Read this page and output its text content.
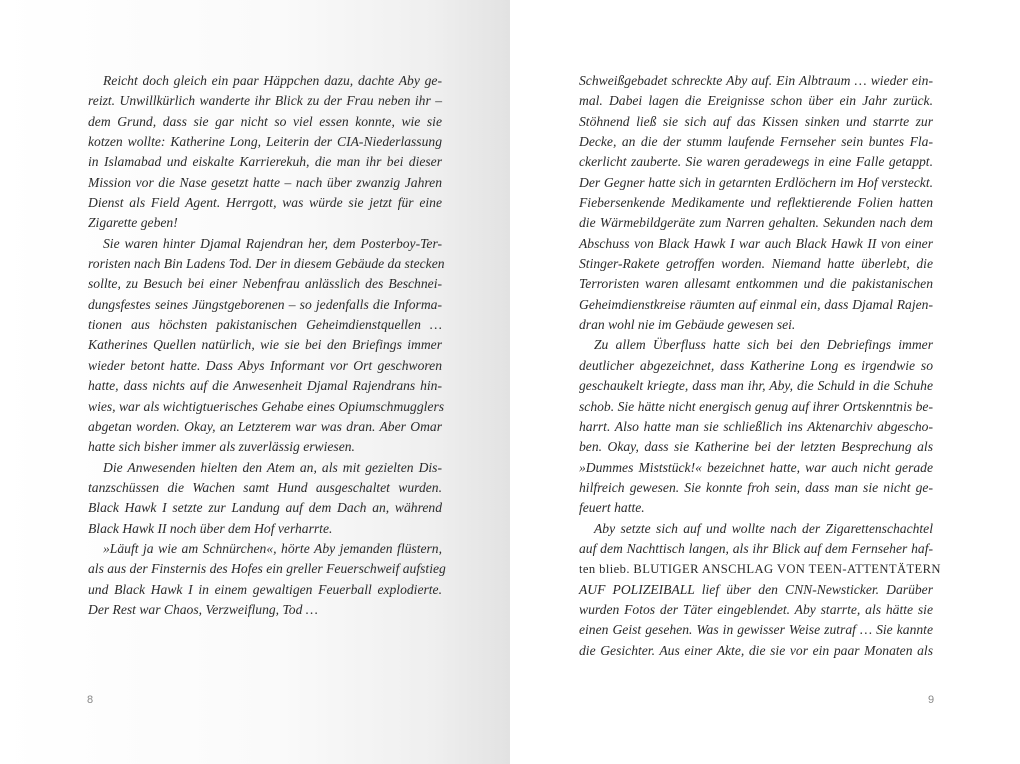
Reicht doch gleich ein paar Häppchen dazu, dachte Aby ge-
reizt. Unwillkürlich wanderte ihr Blick zu der Frau neben ihr –
dem Grund, dass sie gar nicht so viel essen konnte, wie sie
kotzen wollte: Katherine Long, Leiterin der CIA-Niederlassung
in Islamabad und eiskalte Karrierekuh, die man ihr bei dieser
Mission vor die Nase gesetzt hatte – nach über zwanzig Jahren
Dienst als Field Agent. Herrgott, was würde sie jetzt für eine
Zigarette geben!
Sie waren hinter Djamal Rajendran her, dem Posterboy-Ter-
roristen nach Bin Ladens Tod. Der in diesem Gebäude da stecken
sollte, zu Besuch bei einer Nebenfrau anlässlich des Beschnei-
dungsfestes seines Jüngstgeborenen – so jedenfalls die Informa-
tionen aus höchsten pakistanischen Geheimdienstquellen …
Katherines Quellen natürlich, wie sie bei den Briefings immer
wieder betont hatte. Dass Abys Informant vor Ort geschworen
hatte, dass nichts auf die Anwesenheit Djamal Rajendrans hin-
wies, war als wichtigtuerisches Gehabe eines Opiumschmugglers
abgetan worden. Okay, an Letzterem war was dran. Aber Omar
hatte sich bisher immer als zuverlässig erwiesen.
Die Anwesenden hielten den Atem an, als mit gezielten Dis-
tanzschüssen die Wachen samt Hund ausgeschaltet wurden.
Black Hawk I setzte zur Landung auf dem Dach an, während
Black Hawk II noch über dem Hof verharrte.
»Läuft ja wie am Schnürchen«, hörte Aby jemanden flüstern,
als aus der Finsternis des Hofes ein greller Feuerschweif aufstieg
und Black Hawk I in einem gewaltigen Feuerball explodierte.
Der Rest war Chaos, Verzweiflung, Tod …
8
Schweißgebadet schreckte Aby auf. Ein Albtraum … wieder ein-
mal. Dabei lagen die Ereignisse schon über ein Jahr zurück.
Stöhnend ließ sie sich auf das Kissen sinken und starrte zur
Decke, an die der stumm laufende Fernseher sein buntes Fla-
ckerlicht zauberte. Sie waren geradewegs in eine Falle getappt.
Der Gegner hatte sich in getarnten Erdlöchern im Hof versteckt.
Fiebersenkende Medikamente und reflektierende Folien hatten
die Wärmebildgeräte zum Narren gehalten. Sekunden nach dem
Abschuss von Black Hawk I war auch Black Hawk II von einer
Stinger-Rakete getroffen worden. Niemand hatte überlebt, die
Terroristen waren allesamt entkommen und die pakistanischen
Geheimdienstkreise räumten auf einmal ein, dass Djamal Rajen-
dran wohl nie im Gebäude gewesen sei.
Zu allem Überfluss hatte sich bei den Debriefings immer
deutlicher abgezeichnet, dass Katherine Long es irgendwie so
geschaukelt kriegte, dass man ihr, Aby, die Schuld in die Schuhe
schob. Sie hätte nicht energisch genug auf ihrer Ortskenntnis be-
harrt. Also hatte man sie schließlich ins Aktenarchiv abgescho-
ben. Okay, dass sie Katherine bei der letzten Besprechung als
»Dummes Miststück!« bezeichnet hatte, war auch nicht gerade
hilfreich gewesen. Sie konnte froh sein, dass man sie nicht ge-
feuert hatte.
Aby setzte sich auf und wollte nach der Zigarettenschachtel
auf dem Nachttisch langen, als ihr Blick auf dem Fernseher haf-
ten blieb. BLUTIGER ANSCHLAG VON TEEN-ATTENTÄTERN
AUF POLIZEIBALL lief über den CNN-Newsticker. Darüber
wurden Fotos der Täter eingeblendet. Aby starrte, als hätte sie
einen Geist gesehen. Was in gewisser Weise zutraf … Sie kannte
die Gesichter. Aus einer Akte, die sie vor ein paar Monaten als
9
